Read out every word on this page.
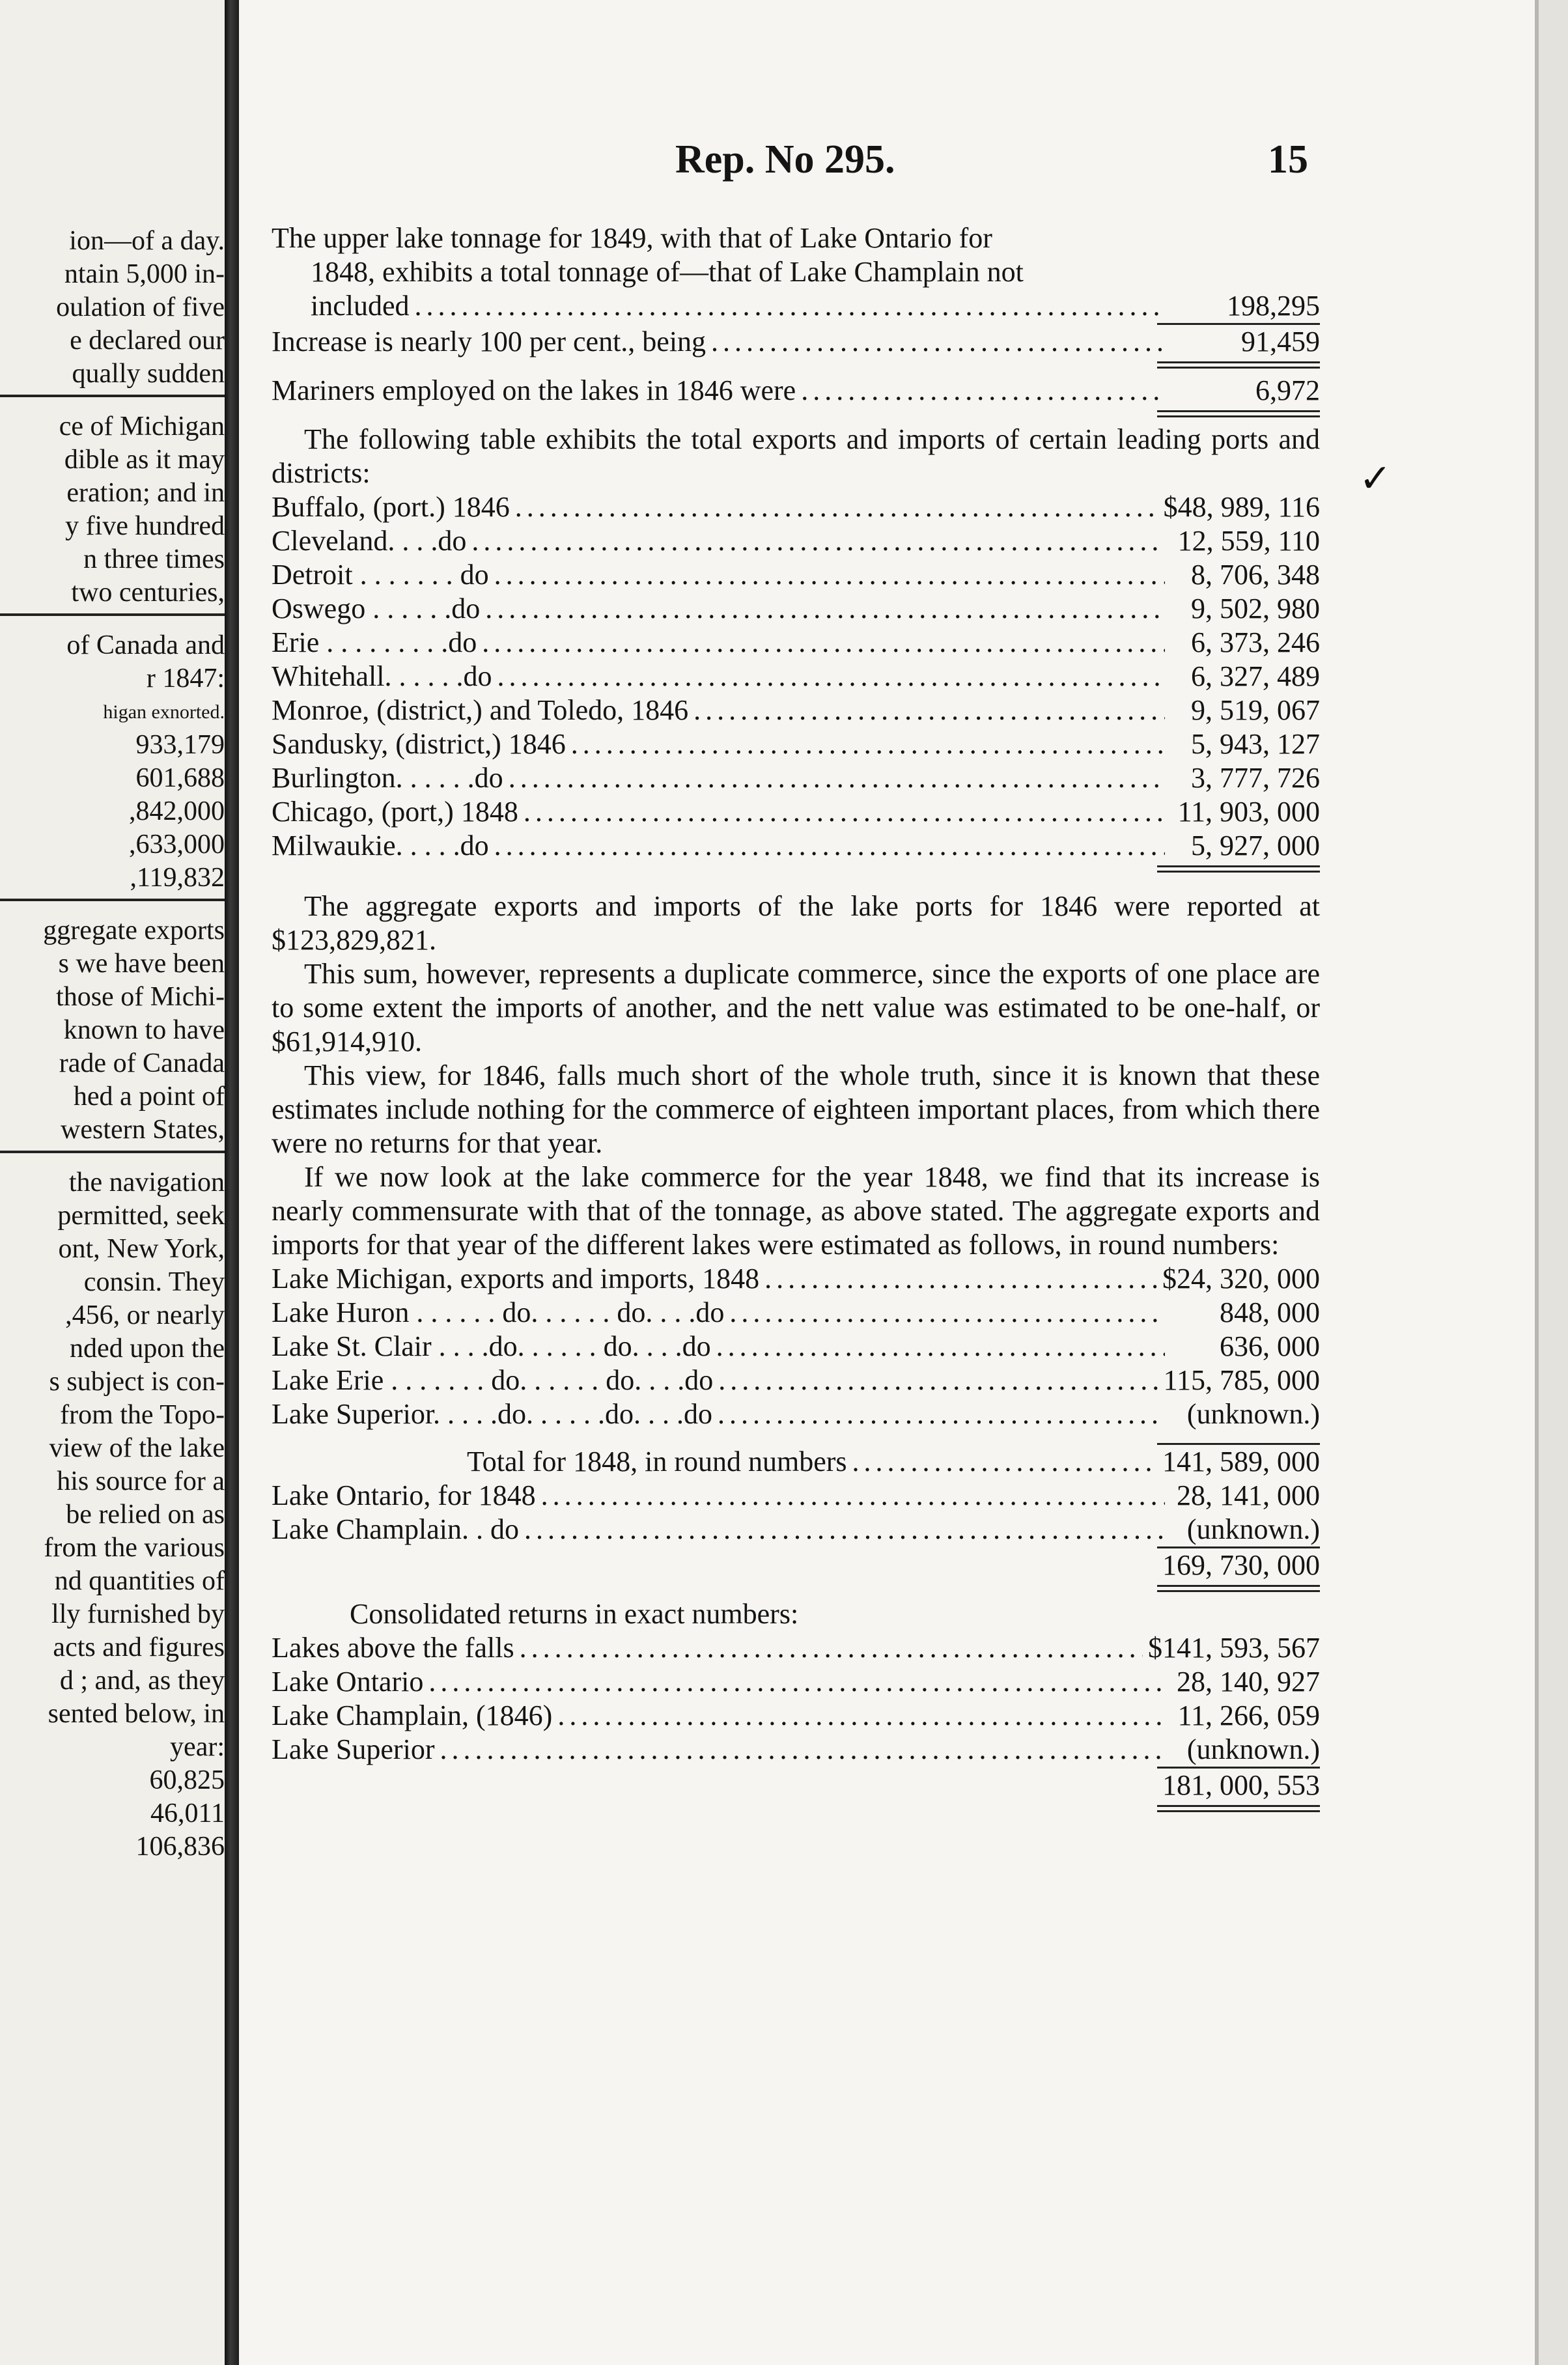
ion—of a day.
ntain 5,000 in-
oulation of five
e declared our
qually sudden
ce of Michigan
dible as it may
eration; and in
y five hundred
n three times
two centuries,
of Canada and
r 1847:
higan exnorted.
933,179
601,688
,842,000
,633,000
,119,832
ggregate exports
s we have been
those of Michi-
known to have
rade of Canada
hed a point of
western States,
the navigation
permitted, seek
ont, New York,
consin. They
,456, or nearly
nded upon the
s subject is con-
from the Topo-
view of the lake
his source for a
be relied on as
from the various
nd quantities of
lly furnished by
acts and figures
d ; and, as they
sented below, in
year:
60,825
46,011
106,836
Rep. No 295.	15
✓
The upper lake tonnage for 1849, with that of Lake Ontario for
1848, exhibits a total tonnage of—that of Lake Champlain not
included . . .	198,295
Increase is nearly 100 per cent., being . . .	91,459
Mariners employed on the lakes in 1846 were . . .	6,972
The following table exhibits the total exports and imports of certain leading ports and districts:
Buffalo, (port.) 1846 . . .	$48, 989, 116
Cleveland. . . .do . . .	12, 559, 110
Detroit . . . . . . . do . . .	8, 706, 348
Oswego . . . . . .do . . .	9, 502, 980
Erie . . . . . . . . .do . . .	6, 373, 246
Whitehall. . . . . .do . . .	6, 327, 489
Monroe, (district,) and Toledo, 1846 . . .	9, 519, 067
Sandusky, (district,) 1846 . . .	5, 943, 127
Burlington. . . . . .do . . .	3, 777, 726
Chicago, (port,) 1848 . . .	11, 903, 000
Milwaukie. . . . .do . . .	5, 927, 000
The aggregate exports and imports of the lake ports for 1846 were reported at $123,829,821.
This sum, however, represents a duplicate commerce, since the exports of one place are to some extent the imports of another, and the nett value was estimated to be one-half, or $61,914,910.
This view, for 1846, falls much short of the whole truth, since it is known that these estimates include nothing for the commerce of eighteen important places, from which there were no returns for that year.
If we now look at the lake commerce for the year 1848, we find that its increase is nearly commensurate with that of the tonnage, as above stated. The aggregate exports and imports for that year of the different lakes were estimated as follows, in round numbers:
Lake Michigan, exports and imports, 1848 . . .	$24, 320, 000
Lake Huron . . . . . . do. . . . . . do. . . .do . . .	848, 000
Lake St. Clair . . . .do. . . . . . do. . . .do . . .	636, 000
Lake Erie . . . . . . . do. . . . . . do. . . .do . . .	115, 785, 000
Lake Superior. . . . .do. . . . . .do. . . .do . . .	(unknown.)
Total for 1848, in round numbers . . .	141, 589, 000
Lake Ontario, for 1848 . . .	28, 141, 000
Lake Champlain. . do . . .	(unknown.)
169, 730, 000
Consolidated returns in exact numbers:
Lakes above the falls . . .	$141, 593, 567
Lake Ontario . . .	28, 140, 927
Lake Champlain, (1846) . . .	11, 266, 059
Lake Superior . . .	(unknown.)
181, 000, 553
